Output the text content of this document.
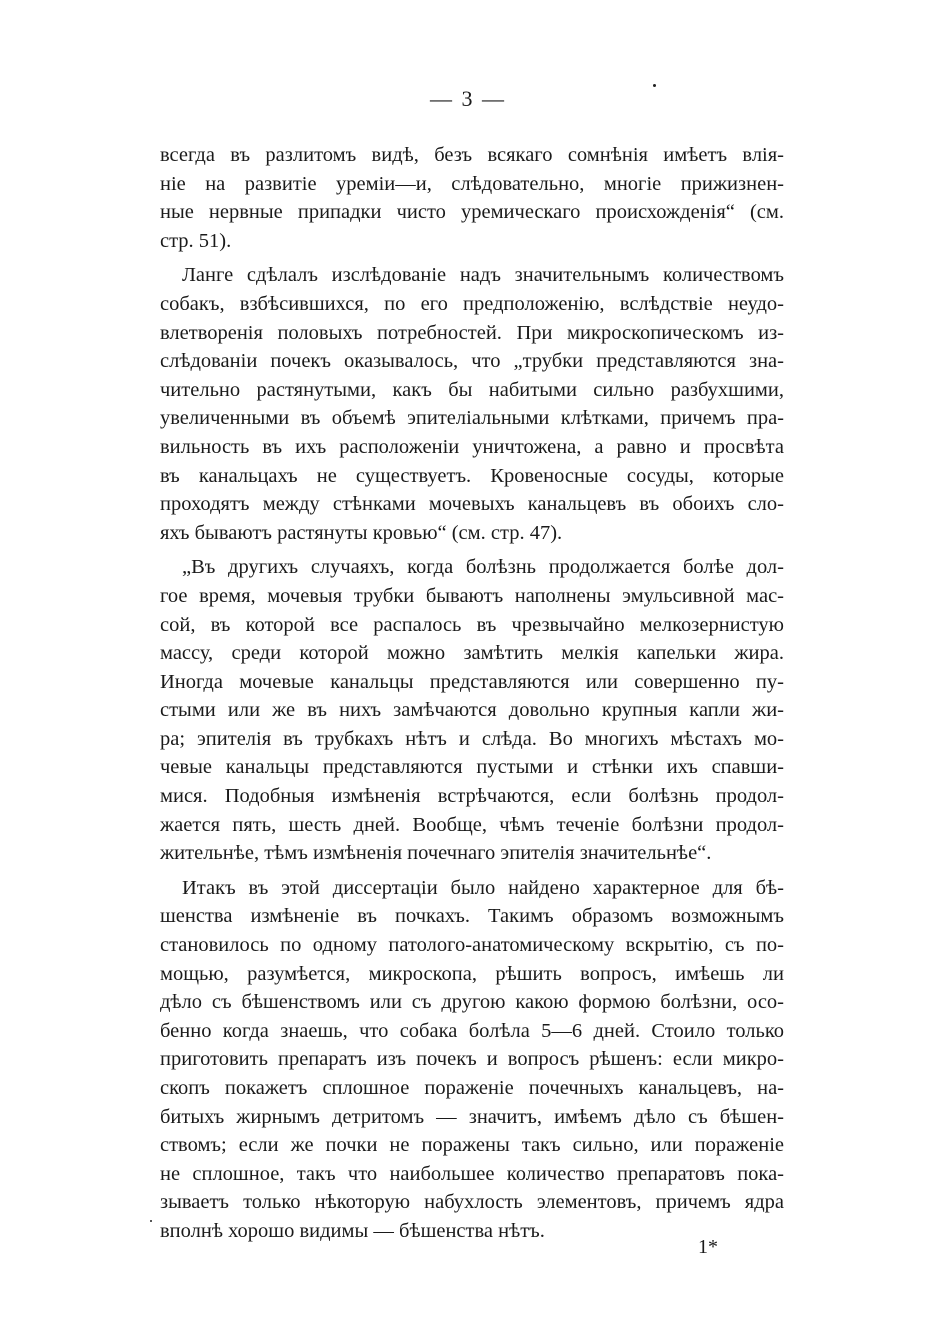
— 3 —
всегда въ разлитомъ видѣ, безъ всякаго сомнѣнія имѣетъ влія-
ніе на развитіе уреміи—и, слѣдовательно, многіе прижизнен-
ные нервные припадки чисто уремическаго происхожденія“ (см.
стр. 51).
Ланге сдѣлалъ изслѣдованіе надъ значительнымъ количествомъ
собакъ, взбѣсившихся, по его предположенію, вслѣдствіе неудо-
влетворенія половыхъ потребностей. При микроскопическомъ из-
слѣдованіи почекъ оказывалось, что „трубки представляются зна-
чительно растянутыми, какъ бы набитыми сильно разбухшими,
увеличенными въ объемѣ эпителіальными клѣтками, причемъ пра-
вильность въ ихъ расположеніи уничтожена, а равно и просвѣта
въ канальцахъ не существуетъ. Кровеносные сосуды, которые
проходятъ между стѣнками мочевыхъ канальцевъ въ обоихъ сло-
яхъ бываютъ растянуты кровью“ (см. стр. 47).
„Въ другихъ случаяхъ, когда болѣзнь продолжается болѣе дол-
гое время, мочевыя трубки бываютъ наполнены эмульсивной мас-
сой, въ которой все распалось въ чрезвычайно мелкозернистую
массу, среди которой можно замѣтить мелкія капельки жира.
Иногда мочевые канальцы представляются или совершенно пу-
стыми или же въ нихъ замѣчаются довольно крупныя капли жи-
ра; эпителія въ трубкахъ нѣтъ и слѣда. Во многихъ мѣстахъ мо-
чевые канальцы представляются пустыми и стѣнки ихъ спавши-
мися. Подобныя измѣненія встрѣчаются, если болѣзнь продол-
жается пять, шесть дней. Вообще, чѣмъ теченіе болѣзни продол-
жительнѣе, тѣмъ измѣненія почечнаго эпителія значительнѣе“.
Итакъ въ этой диссертаціи было найдено характерное для бѣ-
шенства измѣненіе въ почкахъ. Такимъ образомъ возможнымъ
становилось по одному патолого-анатомическому вскрытію, съ по-
мощью, разумѣется, микроскопа, рѣшить вопросъ, имѣешь ли
дѣло съ бѣшенствомъ или съ другою какою формою болѣзни, осо-
бенно когда знаешь, что собака болѣла 5—6 дней. Стоило только
приготовить препаратъ изъ почекъ и вопросъ рѣшенъ: если микро-
скопъ покажетъ сплошное пораженіе почечныхъ канальцевъ, на-
битыхъ жирнымъ детритомъ — значитъ, имѣемъ дѣло съ бѣшен-
ствомъ; если же почки не поражены такъ сильно, или пораженіе
не сплошное, такъ что наибольшее количество препаратовъ пока-
зываетъ только нѣкоторую набухлость элементовъ, причемъ ядра
вполнѣ хорошо видимы — бѣшенства нѣтъ.
1*
